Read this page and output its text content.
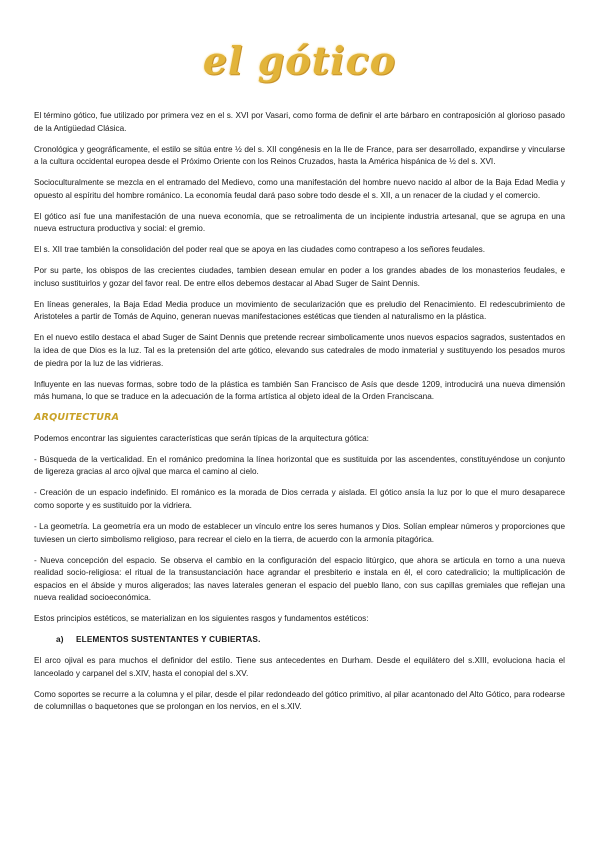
el gótico

El término gótico, fue utilizado por primera vez en el s. XVI por Vasari, como forma de definir el arte bárbaro en contraposición al glorioso pasado de la Antigüedad Clásica.

Cronológica y geográficamente, el estilo se sitúa entre ½ del s. XII congénesis en la Ile de France, para ser desarrollado, expandirse y vincularse a la cultura occidental europea desde el Próximo Oriente con los Reinos Cruzados, hasta la América hispánica de ½ del s. XVI.

Socioculturalmente se mezcla en el entramado del Medievo, como una manifestación del hombre nuevo nacido al albor de la Baja Edad Media y opuesto al espíritu del hombre románico. La economía feudal dará paso sobre todo desde el s. XII, a un renacer de la ciudad y el comercio.

El gótico así fue una manifestación de una nueva economía, que se retroalimenta de un incipiente industria artesanal, que se agrupa en una nueva estructura productiva y social: el gremio.

El s. XII trae también la consolidación del poder real que se apoya en las ciudades como contrapeso a los señores feudales.

Por su parte, los obispos de las crecientes ciudades, tambien desean emular en poder a los grandes abades de los monasterios feudales, e incluso sustituirlos y gozar del favor real. De entre ellos debemos destacar al Abad Suger de Saint Dennis.

En líneas generales, la Baja Edad Media produce un movimiento de secularización que es preludio del Renacimiento. El redescubrimiento de Aristoteles a partir de Tomás de Aquino, generan nuevas manifestaciones estéticas que tienden al naturalismo en la plástica.

En el nuevo estilo destaca el abad Suger de Saint Dennis que pretende recrear simbolicamente unos nuevos espacios sagrados, sustentados en la idea de que Dios es la luz. Tal es la pretensión del arte gótico, elevando sus catedrales de modo inmaterial y sustituyendo los pesados muros de piedra por la luz de las vidrieras.

Influyente en las nuevas formas, sobre todo de la plástica es también San Francisco de Asís que desde 1209, introducirá una nueva dimensión más humana, lo que se traduce en la adecuación de la forma artística al objeto ideal de la Orden Franciscana.

ARQUITECTURA

Podemos encontrar las siguientes características que serán típicas de la arquitectura gótica:

- Búsqueda de la verticalidad. En el románico predomina la línea horizontal que es sustituida por las ascendentes, constituyéndose un conjunto de ligereza gracias al arco ojival que marca el camino al cielo.

- Creación de un espacio indefinido. El románico es la morada de Dios cerrada y aislada. El gótico ansía la luz por lo que el muro desaparece como soporte y es sustituido por la vidriera.

- La geometría. La geometría era un modo de establecer un vínculo entre los seres humanos y Dios. Solían emplear números y proporciones que tuviesen un cierto simbolismo religioso, para recrear el cielo en la tierra, de acuerdo con la armonía pitagórica.

- Nueva concepción del espacio. Se observa el cambio en la configuración del espacio litúrgico, que ahora se articula en torno a una nueva realidad socio-religiosa: el ritual de la transustanciación hace agrandar el presbiterio e instala en él, el coro catedralicio; la multiplicación de espacios en el ábside y muros aligerados; las naves laterales generan el espacio del pueblo llano, con sus capillas gremiales que reflejan una nueva realidad socioeconómica.

Estos principios estéticos, se materializan en los siguientes rasgos y fundamentos estéticos:

a) ELEMENTOS SUSTENTANTES Y CUBIERTAS.

El arco ojival es para muchos el definidor del estilo. Tiene sus antecedentes en Durham. Desde el equilátero del s.XIII, evoluciona hacia el lanceolado y carpanel del s.XIV, hasta el conopial del s.XV.

Como soportes se recurre a la columna y el pilar, desde el pilar redondeado del gótico primitivo, al pilar acantonado del Alto Gótico, para rodearse de columnillas o baquetones que se prolongan en los nervios, en el s.XIV.
